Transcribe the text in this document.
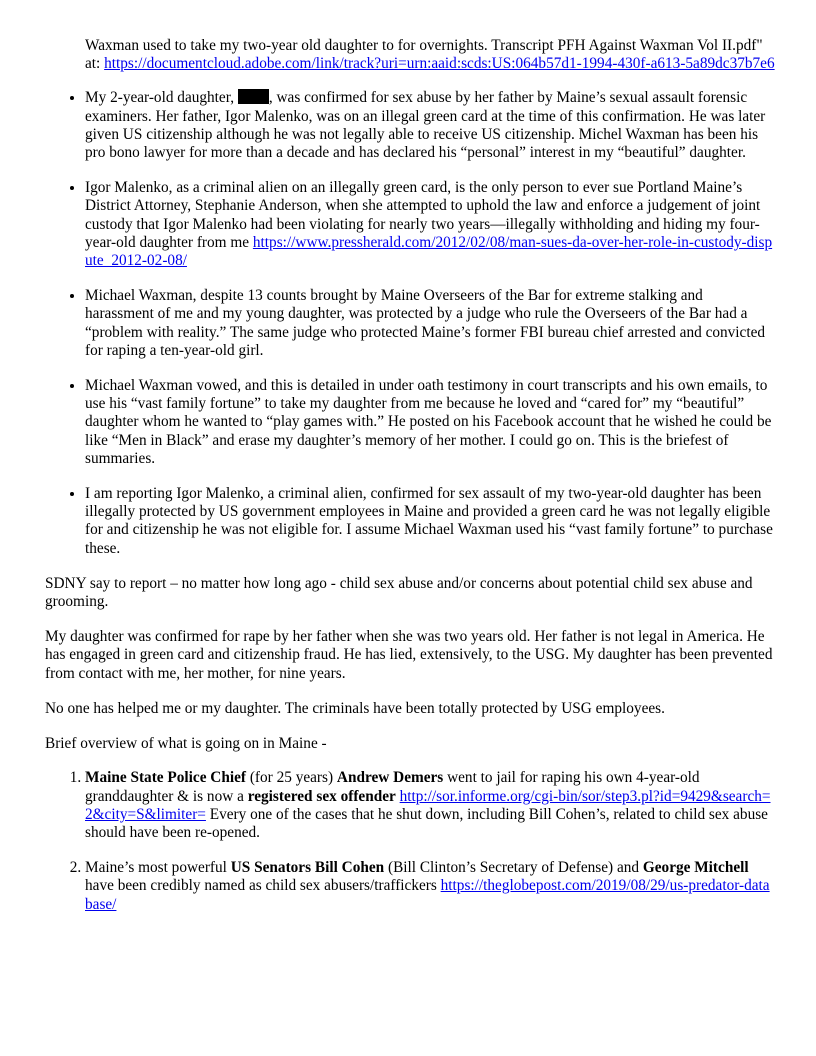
Waxman used to take my two-year old daughter to for overnights. Transcript PFH Against Waxman Vol II.pdf" at: https://documentcloud.adobe.com/link/track?uri=urn:aaid:scds:US:064b57d1-1994-430f-a613-5a89dc37b7e6
• My 2-year-old daughter, , was confirmed for sex abuse by her father by Maine’s sexual assault forensic examiners. Her father, Igor Malenko, was on an illegal green card at the time of this confirmation. He was later given US citizenship although he was not legally able to receive US citizenship. Michel Waxman has been his pro bono lawyer for more than a decade and has declared his “personal” interest in my “beautiful” daughter.
• Igor Malenko, as a criminal alien on an illegally green card, is the only person to ever sue Portland Maine’s District Attorney, Stephanie Anderson, when she attempted to uphold the law and enforce a judgement of joint custody that Igor Malenko had been violating for nearly two years—illegally withholding and hiding my four-year-old daughter from me https://www.pressherald.com/2012/02/08/man-sues-da-over-her-role-in-custody-dispute_2012-02-08/
• Michael Waxman, despite 13 counts brought by Maine Overseers of the Bar for extreme stalking and harassment of me and my young daughter, was protected by a judge who rule the Overseers of the Bar had a “problem with reality.” The same judge who protected Maine’s former FBI bureau chief arrested and convicted for raping a ten-year-old girl.
• Michael Waxman vowed, and this is detailed in under oath testimony in court transcripts and his own emails, to use his “vast family fortune” to take my daughter from me because he loved and “cared for” my “beautiful” daughter whom he wanted to “play games with.” He posted on his Facebook account that he wished he could be like “Men in Black” and erase my daughter’s memory of her mother. I could go on. This is the briefest of summaries.
• I am reporting Igor Malenko, a criminal alien, confirmed for sex assault of my two-year-old daughter has been illegally protected by US government employees in Maine and provided a green card he was not legally eligible for and citizenship he was not eligible for. I assume Michael Waxman used his “vast family fortune” to purchase these.

SDNY say to report – no matter how long ago - child sex abuse and/or concerns about potential child sex abuse and grooming.

My daughter was confirmed for rape by her father when she was two years old. Her father is not legal in America. He has engaged in green card and citizenship fraud. He has lied, extensively, to the USG. My daughter has been prevented from contact with me, her mother, for nine years.

No one has helped me or my daughter. The criminals have been totally protected by USG employees.

Brief overview of what is going on in Maine -

1. Maine State Police Chief (for 25 years) Andrew Demers went to jail for raping his own 4-year-old granddaughter & is now a registered sex offender http://sor.informe.org/cgi-bin/sor/step3.pl?id=9429&search=2&city=S&limiter= Every one of the cases that he shut down, including Bill Cohen’s, related to child sex abuse should have been re-opened.
2. Maine’s most powerful US Senators Bill Cohen (Bill Clinton’s Secretary of Defense) and George Mitchell have been credibly named as child sex abusers/traffickers https://theglobepost.com/2019/08/29/us-predator-database/
